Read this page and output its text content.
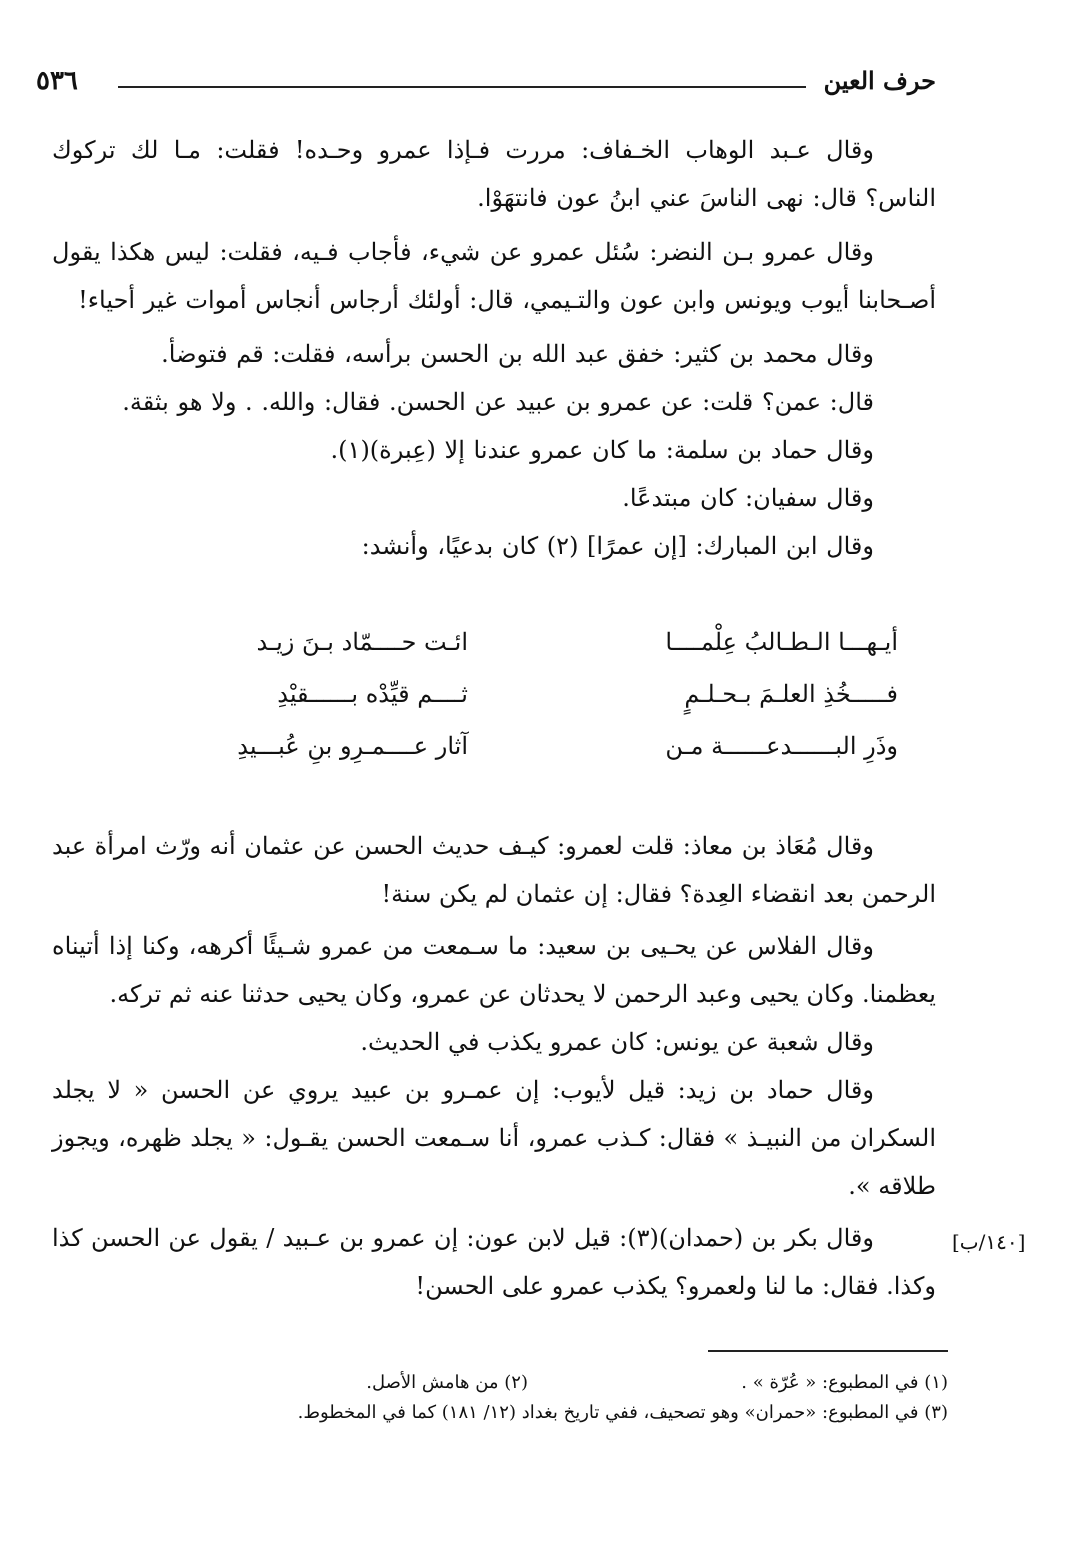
٥٣٦	حرف العين

وقال عـبد الوهاب الخـفاف: مررت فـإذا عمرو وحـده! فقلت: مـا لك تركوك الناس؟ قال: نهى الناسَ عني ابنُ عون فانتهَوْا.

وقال عمرو بـن النضر: سُئل عمرو عن شيء، فأجاب فـيه، فقلت: ليس هكذا يقول أصـحابنا أيوب ويونس وابن عون والتـيمي، قال: أولئك أرجاس أنجاس أموات غير أحياء!

وقال محمد بن كثير: خفق عبد الله بن الحسن برأسه، فقلت: قم فتوضأ.

قال: عمن؟ قلت: عن عمرو بن عبيد عن الحسن. فقال: والله. . ولا هو بثقة.

وقال حماد بن سلمة: ما كان عمرو عندنا إلا (عِبرة)(١).

وقال سفيان: كان مبتدعًا.

وقال ابن المبارك: [إن عمرًا] (٢) كان بدعيًا، وأنشد:

أيـهـــا الـطـالبُ عِلْمــــا
ائـت حــــمّاد بـنَ زيـد
فـــــخُذِ العلـمَ بـحـلـمٍ
ثــــم قيِّدْه بــــــقيْدِ
وذَرِ البــــــدعــــــة مـن
آثار عــــمـرِو بنِ عُبـــيدِ

وقال مُعَاذ بن معاذ: قلت لعمرو: كيـف حديث الحسن عن عثمان أنه ورّث امرأة عبد الرحمن بعد انقضاء العِدة؟ فقال: إن عثمان لم يكن سنة!

وقال الفلاس عن يحـيى بن سعيد: ما سـمعت من عمرو شـيئًا أكرهه، وكنا إذا أتيناه يعظمنا. وكان يحيى وعبد الرحمن لا يحدثان عن عمرو، وكان يحيى حدثنا عنه ثم تركه.

وقال شعبة عن يونس: كان عمرو يكذب في الحديث.

وقال حماد بن زيد: قيل لأيوب: إن عمـرو بن عبيد يروي عن الحسن « لا يجلد السكران من النبيـذ » فقال: كـذب عمرو، أنا سـمعت الحسن يقـول: « يجلد ظهره، ويجوز طلاقه ».

وقال بكر بن (حمدان)(٣): قيل لابن عون: إن عمرو بن عـبيد / يقول عن الحسن كذا وكذا. فقال: ما لنا ولعمرو؟ يكذب عمرو على الحسن!

[١٤٠/ب]
(١) في المطبوع: « عُرّة » .
(٢) من هامش الأصل.
(٣) في المطبوع: «حمران» وهو تصحيف، ففي تاريخ بغداد (١٢/ ١٨١) كما في المخطوط.
